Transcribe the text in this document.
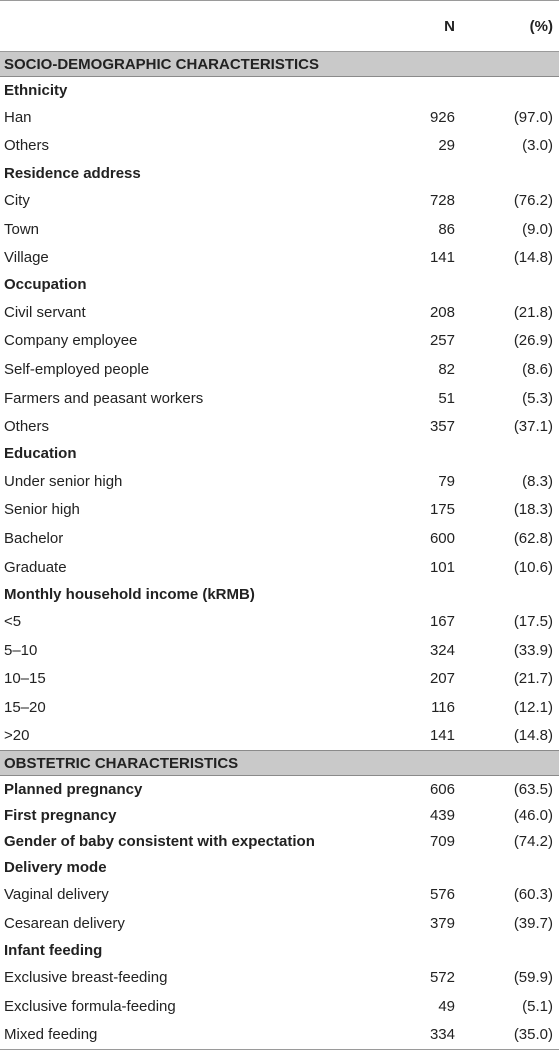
	N	(%)
SOCIO-DEMOGRAPHIC CHARACTERISTICS		
Ethnicity		
Han	926	(97.0)
Others	29	(3.0)
Residence address		
City	728	(76.2)
Town	86	(9.0)
Village	141	(14.8)
Occupation		
Civil servant	208	(21.8)
Company employee	257	(26.9)
Self-employed people	82	(8.6)
Farmers and peasant workers	51	(5.3)
Others	357	(37.1)
Education		
Under senior high	79	(8.3)
Senior high	175	(18.3)
Bachelor	600	(62.8)
Graduate	101	(10.6)
Monthly household income (kRMB)		
<5	167	(17.5)
5–10	324	(33.9)
10–15	207	(21.7)
15–20	116	(12.1)
>20	141	(14.8)
OBSTETRIC CHARACTERISTICS		
Planned pregnancy	606	(63.5)
First pregnancy	439	(46.0)
Gender of baby consistent with expectation	709	(74.2)
Delivery mode		
Vaginal delivery	576	(60.3)
Cesarean delivery	379	(39.7)
Infant feeding		
Exclusive breast-feeding	572	(59.9)
Exclusive formula-feeding	49	(5.1)
Mixed feeding	334	(35.0)
